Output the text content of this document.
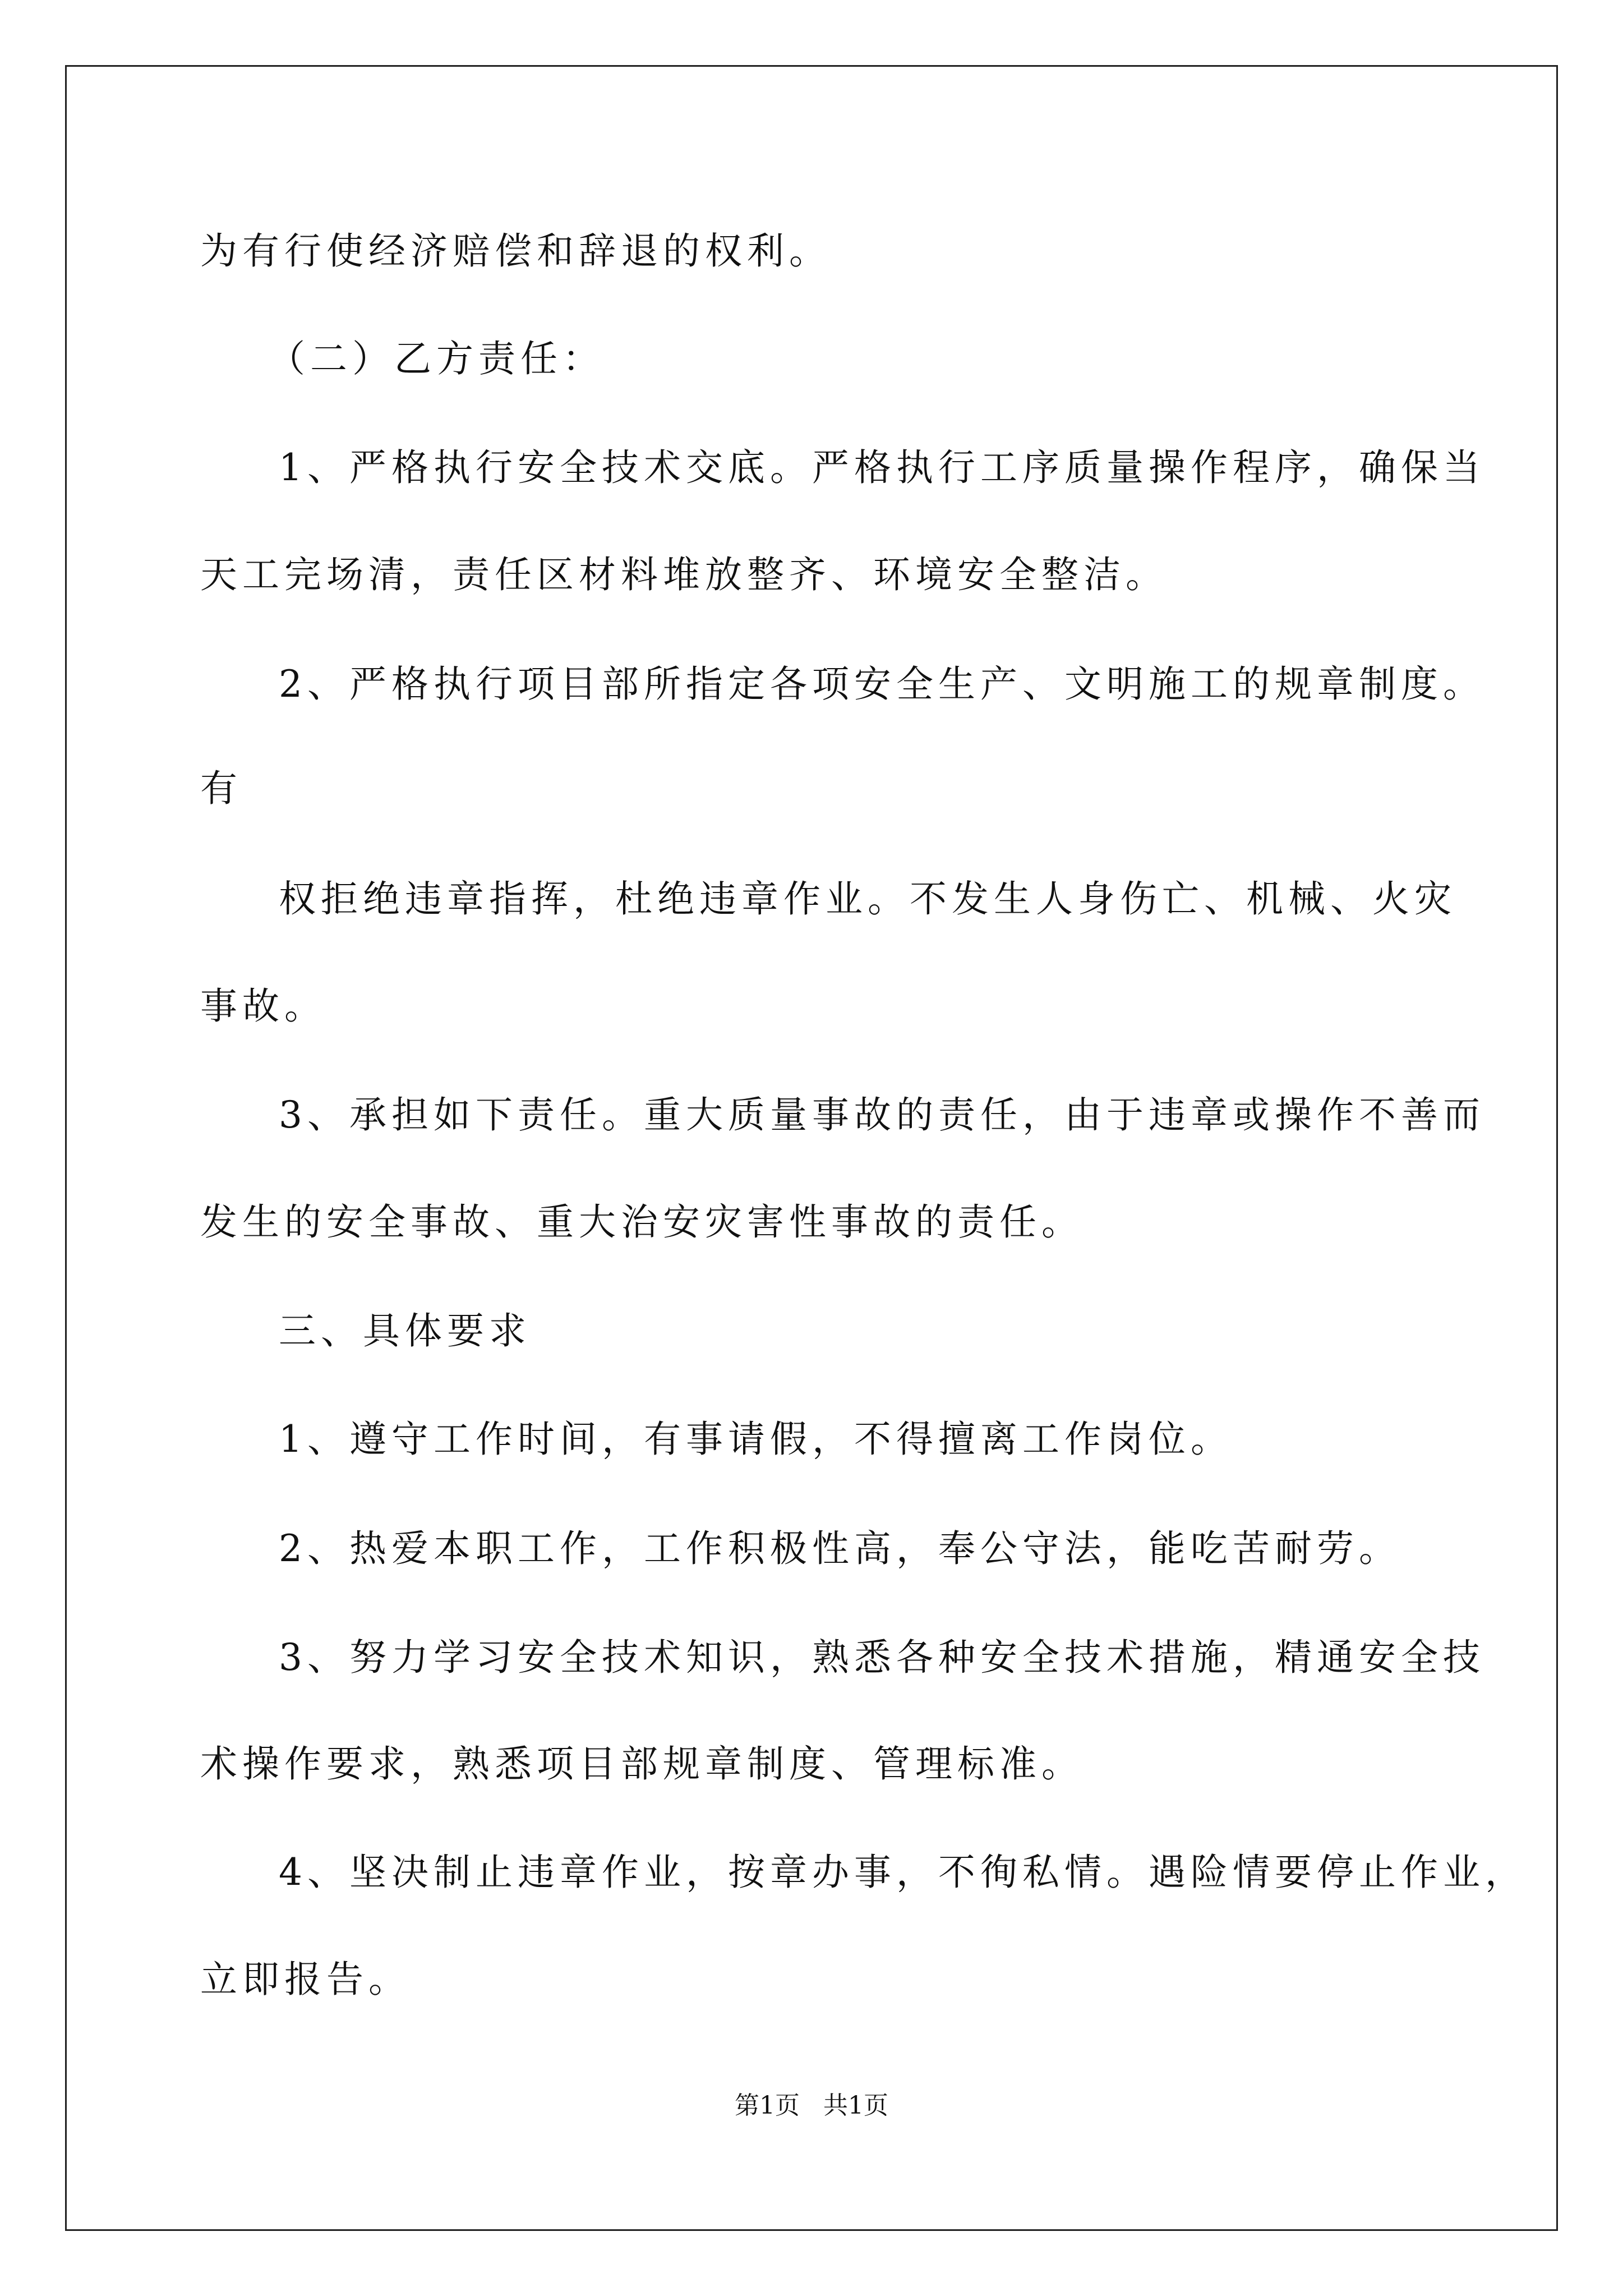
为有行使经济赔偿和辞退的权利。
（二）乙方责任：
1、严格执行安全技术交底。严格执行工序质量操作程序，确保当
天工完场清，责任区材料堆放整齐、环境安全整洁。
2、严格执行项目部所指定各项安全生产、文明施工的规章制度。
有
权拒绝违章指挥，杜绝违章作业。不发生人身伤亡、机械、火灾
事故。
3、承担如下责任。重大质量事故的责任，由于违章或操作不善而
发生的安全事故、重大治安灾害性事故的责任。
三、具体要求
1、遵守工作时间，有事请假，不得擅离工作岗位。
2、热爱本职工作，工作积极性高，奉公守法，能吃苦耐劳。
3、努力学习安全技术知识，熟悉各种安全技术措施，精通安全技
术操作要求，熟悉项目部规章制度、管理标准。
4、坚决制止违章作业，按章办事，不徇私情。遇险情要停止作业，
立即报告。
第1页   共1页
